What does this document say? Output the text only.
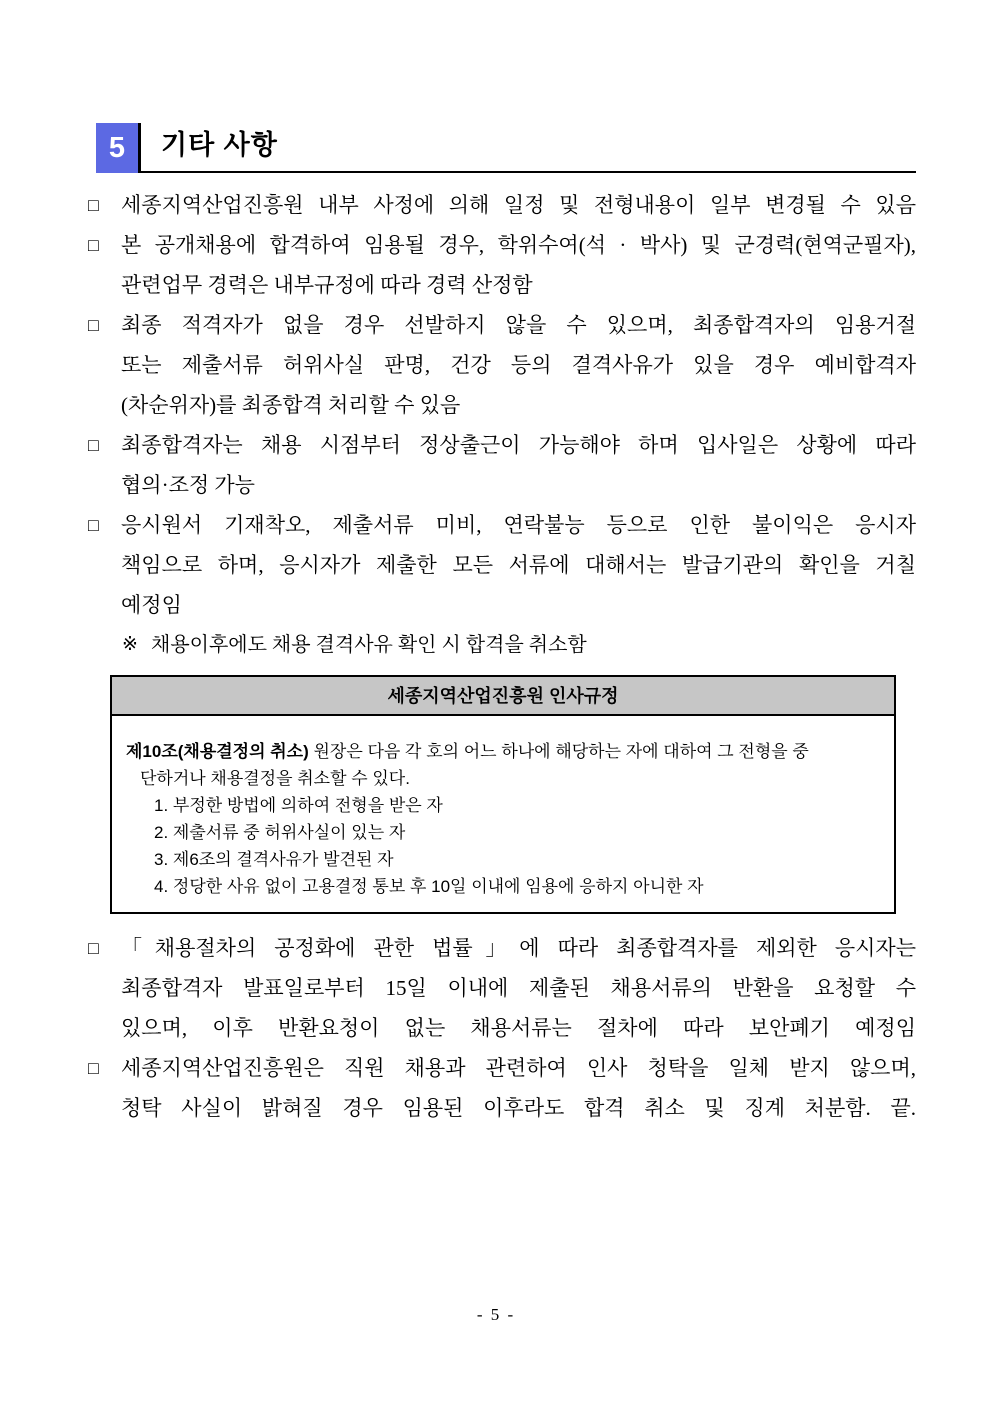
5	기타 사항
□	세종지역산업진흥원 내부 사정에 의해 일정 및 전형내용이 일부 변경될 수 있음
□	본 공개채용에 합격하여 임용될 경우, 학위수여(석 · 박사) 및 군경력(현역군필자),
관련업무 경력은 내부규정에 따라 경력 산정함
□	최종 적격자가 없을 경우 선발하지 않을 수 있으며, 최종합격자의 임용거절
또는 제출서류 허위사실 판명, 건강 등의 결격사유가 있을 경우 예비합격자
(차순위자)를 최종합격 처리할 수 있음
□	최종합격자는 채용 시점부터 정상출근이 가능해야 하며 입사일은 상황에 따라
협의·조정 가능
□	응시원서 기재착오, 제출서류 미비, 연락불능 등으로 인한 불이익은 응시자
책임으로 하며, 응시자가 제출한 모든 서류에 대해서는 발급기관의 확인을 거칠
예정임
※ 채용이후에도 채용 결격사유 확인 시 합격을 취소함
세종지역산업진흥원 인사규정
제10조(채용결정의 취소) 원장은 다음 각 호의 어느 하나에 해당하는 자에 대하여 그 전형을 중
단하거나 채용결정을 취소할 수 있다.
1. 부정한 방법에 의하여 전형을 받은 자
2. 제출서류 중 허위사실이 있는 자
3. 제6조의 결격사유가 발견된 자
4. 정당한 사유 없이 고용결정 통보 후 10일 이내에 임용에 응하지 아니한 자
□	「채용절차의 공정화에 관한 법률」에 따라 최종합격자를 제외한 응시자는
최종합격자 발표일로부터 15일 이내에 제출된 채용서류의 반환을 요청할 수
있으며, 이후 반환요청이 없는 채용서류는 절차에 따라 보안폐기 예정임
□	세종지역산업진흥원은 직원 채용과 관련하여 인사 청탁을 일체 받지 않으며,
청탁 사실이 밝혀질 경우 임용된 이후라도 합격 취소 및 징계 처분함. 끝.
- 5 -
